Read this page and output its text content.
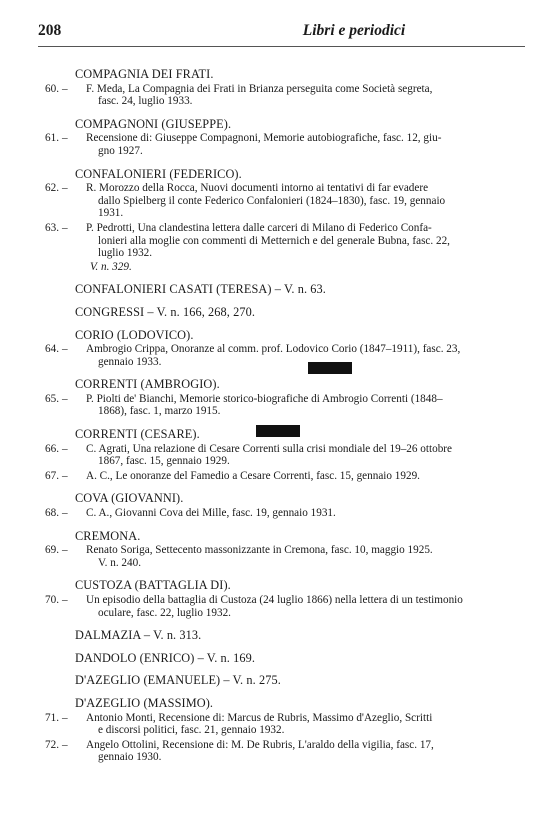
208	Libri e periodici
COMPAGNIA DEI FRATI.
60. – F. Meda, La Compagnia dei Frati in Brianza perseguita come Società segreta,
fasc. 24, luglio 1933.
COMPAGNONI (GIUSEPPE).
61. – Recensione di: Giuseppe Compagnoni, Memorie autobiografiche, fasc. 12, giu-
gno 1927.
CONFALONIERI (FEDERICO).
62. – R. Morozzo della Rocca, Nuovi documenti intorno ai tentativi di far evadere
dallo Spielberg il conte Federico Confalonieri (1824–1830), fasc. 19, gennaio
1931.
63. – P. Pedrotti, Una clandestina lettera dalle carceri di Milano di Federico Confa-
lonieri alla moglie con commenti di Metternich e del generale Bubna, fasc. 22,
luglio 1932.
V. n. 329.
CONFALONIERI CASATI (TERESA) – V. n. 63.
CONGRESSI – V. n. 166, 268, 270.
CORIO (LODOVICO).
64. – Ambrogio Crippa, Onoranze al comm. prof. Lodovico Corio (1847–1911), fasc. 23,
gennaio 1933.
CORRENTI (AMBROGIO).
65. – P. Piolti de' Bianchi, Memorie storico-biografiche di Ambrogio Correnti (1848–
1868), fasc. 1, marzo 1915.
CORRENTI (CESARE).
66. – C. Agrati, Una relazione di Cesare Correnti sulla crisi mondiale del 19–26 ottobre
1867, fasc. 15, gennaio 1929.
67. – A. C., Le onoranze del Famedio a Cesare Correnti, fasc. 15, gennaio 1929.
COVA (GIOVANNI).
68. – C. A., Giovanni Cova dei Mille, fasc. 19, gennaio 1931.
CREMONA.
69. – Renato Soriga, Settecento massonizzante in Cremona, fasc. 10, maggio 1925.
V. n. 240.
CUSTOZA (BATTAGLIA DI).
70. – Un episodio della battaglia di Custoza (24 luglio 1866) nella lettera di un testimonio
oculare, fasc. 22, luglio 1932.
DALMAZIA – V. n. 313.
DANDOLO (ENRICO) – V. n. 169.
D'AZEGLIO (EMANUELE) – V. n. 275.
D'AZEGLIO (MASSIMO).
71. – Antonio Monti, Recensione di: Marcus de Rubris, Massimo d'Azeglio, Scritti
e discorsi politici, fasc. 21, gennaio 1932.
72. – Angelo Ottolini, Recensione di: M. De Rubris, L'araldo della vigilia, fasc. 17,
gennaio 1930.
